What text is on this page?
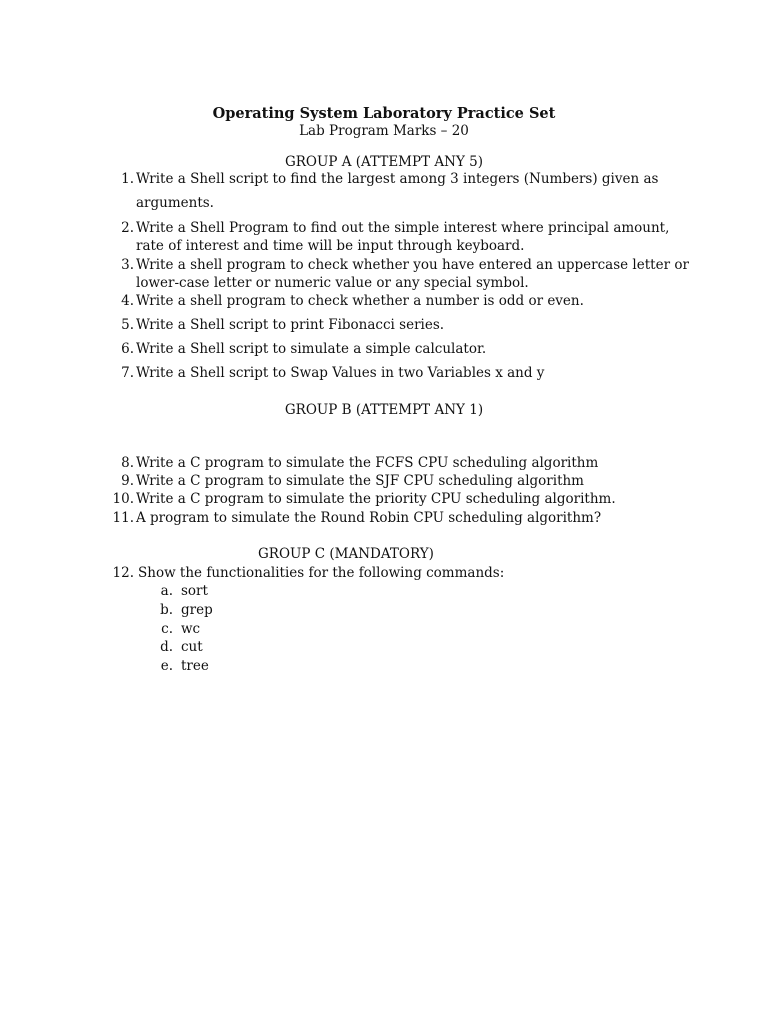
Operating System Laboratory Practice Set
Lab Program Marks – 20
GROUP A (ATTEMPT ANY 5)
1. Write a Shell script to find the largest among 3 integers (Numbers) given as
arguments.
2. Write a Shell Program to find out the simple interest where principal amount,
rate of interest and time will be input through keyboard.
3. Write a shell program to check whether you have entered an uppercase letter or
lower-case letter or numeric value or any special symbol.
4. Write a shell program to check whether a number is odd or even.
5. Write a Shell script to print Fibonacci series.
6. Write a Shell script to simulate a simple calculator.
7. Write a Shell script to Swap Values in two Variables x and y
GROUP B (ATTEMPT ANY 1)
8. Write a C program to simulate the FCFS CPU scheduling algorithm
9. Write a C program to simulate the SJF CPU scheduling algorithm
10. Write a C program to simulate the priority CPU scheduling algorithm.
11. A program to simulate the Round Robin CPU scheduling algorithm?
GROUP C (MANDATORY)
12. Show the functionalities for the following commands:
a. sort
b. grep
c. wc
d. cut
e. tree
